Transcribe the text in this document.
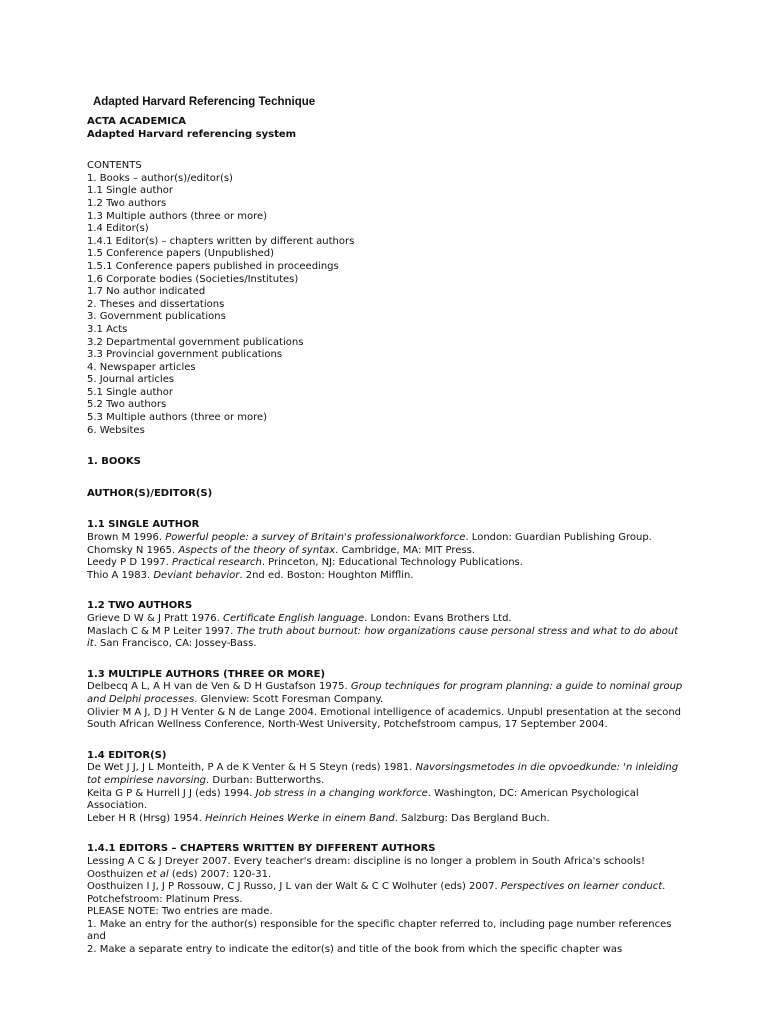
Adapted Harvard Referencing Technique

ACTA ACADEMICA

Adapted Harvard referencing system

CONTENTS

1. Books – author(s)/editor(s)

1.1 Single author

1.2 Two authors

1.3 Multiple authors (three or more)

1.4 Editor(s)

1.4.1 Editor(s) – chapters written by different authors

1.5 Conference papers (Unpublished)

1.5.1 Conference papers published in proceedings

1.6 Corporate bodies (Societies/Institutes)

1.7 No author indicated

2. Theses and dissertations

3. Government publications

3.1 Acts

3.2 Departmental government publications

3.3 Provincial government publications

4. Newspaper articles

5. Journal articles

5.1 Single author

5.2 Two authors

5.3 Multiple authors (three or more)

6. Websites

1. BOOKS

AUTHOR(S)/EDITOR(S)

1.1 SINGLE AUTHOR

Brown M 1996. Powerful people: a survey of Britain's professionalworkforce. London: Guardian Publishing Group.

Chomsky N 1965. Aspects of the theory of syntax. Cambridge, MA: MIT Press.

Leedy P D 1997. Practical research. Princeton, NJ: Educational Technology Publications.

Thio A 1983. Deviant behavior. 2nd ed. Boston: Houghton Mifflin.

1.2 TWO AUTHORS

Grieve D W & J Pratt 1976. Certificate English language. London: Evans Brothers Ltd.

Maslach C & M P Leiter 1997. The truth about burnout: how organizations cause personal stress and what to do about it. San Francisco, CA: Jossey-Bass.

1.3 MULTIPLE AUTHORS (THREE OR MORE)

Delbecq A L, A H van de Ven & D H Gustafson 1975. Group techniques for program planning: a guide to nominal group and Delphi processes. Glenview: Scott Foresman Company.

Olivier M A J, D J H Venter & N de Lange 2004. Emotional intelligence of academics. Unpubl presentation at the second South African Wellness Conference, North-West University, Potchefstroom campus, 17 September 2004.

1.4 EDITOR(S)

De Wet J J, J L Monteith, P A de K Venter & H S Steyn (reds) 1981. Navorsingsmetodes in die opvoedkunde: 'n inleiding tot empiriese navorsing. Durban: Butterworths.

Keita G P & Hurrell J J (eds) 1994. Job stress in a changing workforce. Washington, DC: American Psychological Association.

Leber H R (Hrsg) 1954. Heinrich Heines Werke in einem Band. Salzburg: Das Bergland Buch.

1.4.1 EDITORS – CHAPTERS WRITTEN BY DIFFERENT AUTHORS

Lessing A C & J Dreyer 2007. Every teacher's dream: discipline is no longer a problem in South Africa's schools!

Oosthuizen et al (eds) 2007: 120-31.

Oosthuizen I J, J P Rossouw, C J Russo, J L van der Walt & C C Wolhuter (eds) 2007. Perspectives on learner conduct. Potchefstroom: Platinum Press.

PLEASE NOTE: Two entries are made.

1. Make an entry for the author(s) responsible for the specific chapter referred to, including page number references and

2. Make a separate entry to indicate the editor(s) and title of the book from which the specific chapter was
